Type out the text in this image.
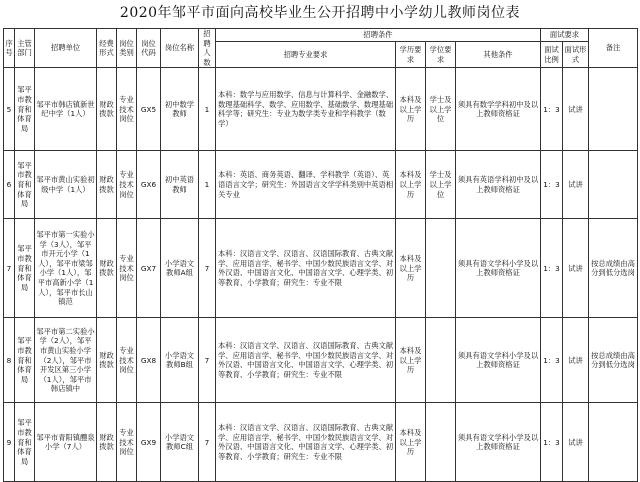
2020年邹平市面向高校毕业生公开招聘中小学幼儿教师岗位表
序号	主管部门	招聘单位	经费形式	岗位类别	岗位代码	岗位名称	招聘人数	招聘条件				面试要求		备注
								招聘专业要求	学历要求	学位要求	其他条件	面试比例	面试形式	
5	邹平市教育和体育局	邹平市韩店镇新世纪中学（1人）	财政拨款	专业技术岗位	GX5	初中数学教师	1	本科：数学与应用数学、信息与计算科学、金融数学、数理基础科学、数学、应用数学、基础数学、数理基础科学等；研究生：专业为数学类专业和学科教学（数学）	本科及以上学历	学士及以上学位	须具有数学学科初中及以上教师资格证	1：3	试讲	
6	邹平市教育和体育局	邹平市黄山实验初级中学（1人）	财政拨款	专业技术岗位	GX6	初中英语教师	1	本科：英语、商务英语、翻译、学科教学（英语）、英语语言文学；研究生：外国语言文学学科类别中英语相关专业	本科及以上学历	学士及以上学位	须具有英语学科初中及以上教师资格证	1：3	试讲	
7	邹平市教育和体育局	邹平市第一实验小学（3人），邹平市开元小学（1人），邹平市梁邹小学（1人），邹平市高新小学（1人），邹平市长山镇范	财政拨款	专业技术岗位	GX7	小学语文教师A组	7	本科：汉语言文学、汉语言、汉语国际教育、古典文献学、应用语言学、秘书学、中国少数民族语言文学、对外汉语、中国语言文化、中国语言文学、心理学类、初等教育、小学教育；研究生：专业不限	本科及以上学历		须具有语文学科小学及以上教师资格证	1：3	试讲	按总成绩由高分到低分选岗
8	邹平市教育和体育局	邹平市第二实验小学（2人），邹平市黄山实验小学（2人），邹平市开发区第三小学（1人），邹平市韩店镇中	财政拨款	专业技术岗位	GX8	小学语文教师B组	7	本科：汉语言文学、汉语言、汉语国际教育、古典文献学、应用语言学、秘书学、中国少数民族语言文学、对外汉语、中国语言文化、中国语言文学、心理学类、初等教育、小学教育；研究生：专业不限	本科及以上学历		须具有语文学科小学及以上教师资格证	1：3	试讲	按总成绩由高分到低分选岗
9	邹平市教育和体育局	邹平市青阳镇醴泉小学（7人）	财政拨款	专业技术岗位	GX9	小学语文教师C组	7	本科：汉语言文学、汉语言、汉语国际教育、古典文献学、应用语言学、秘书学、中国少数民族语言文学、对外汉语、中国语言文化、中国语言文学、心理学类、初等教育、小学教育；研究生：专业不限	本科及以上学历		须具有语文学科小学及以上教师资格证	1：3	试讲	
